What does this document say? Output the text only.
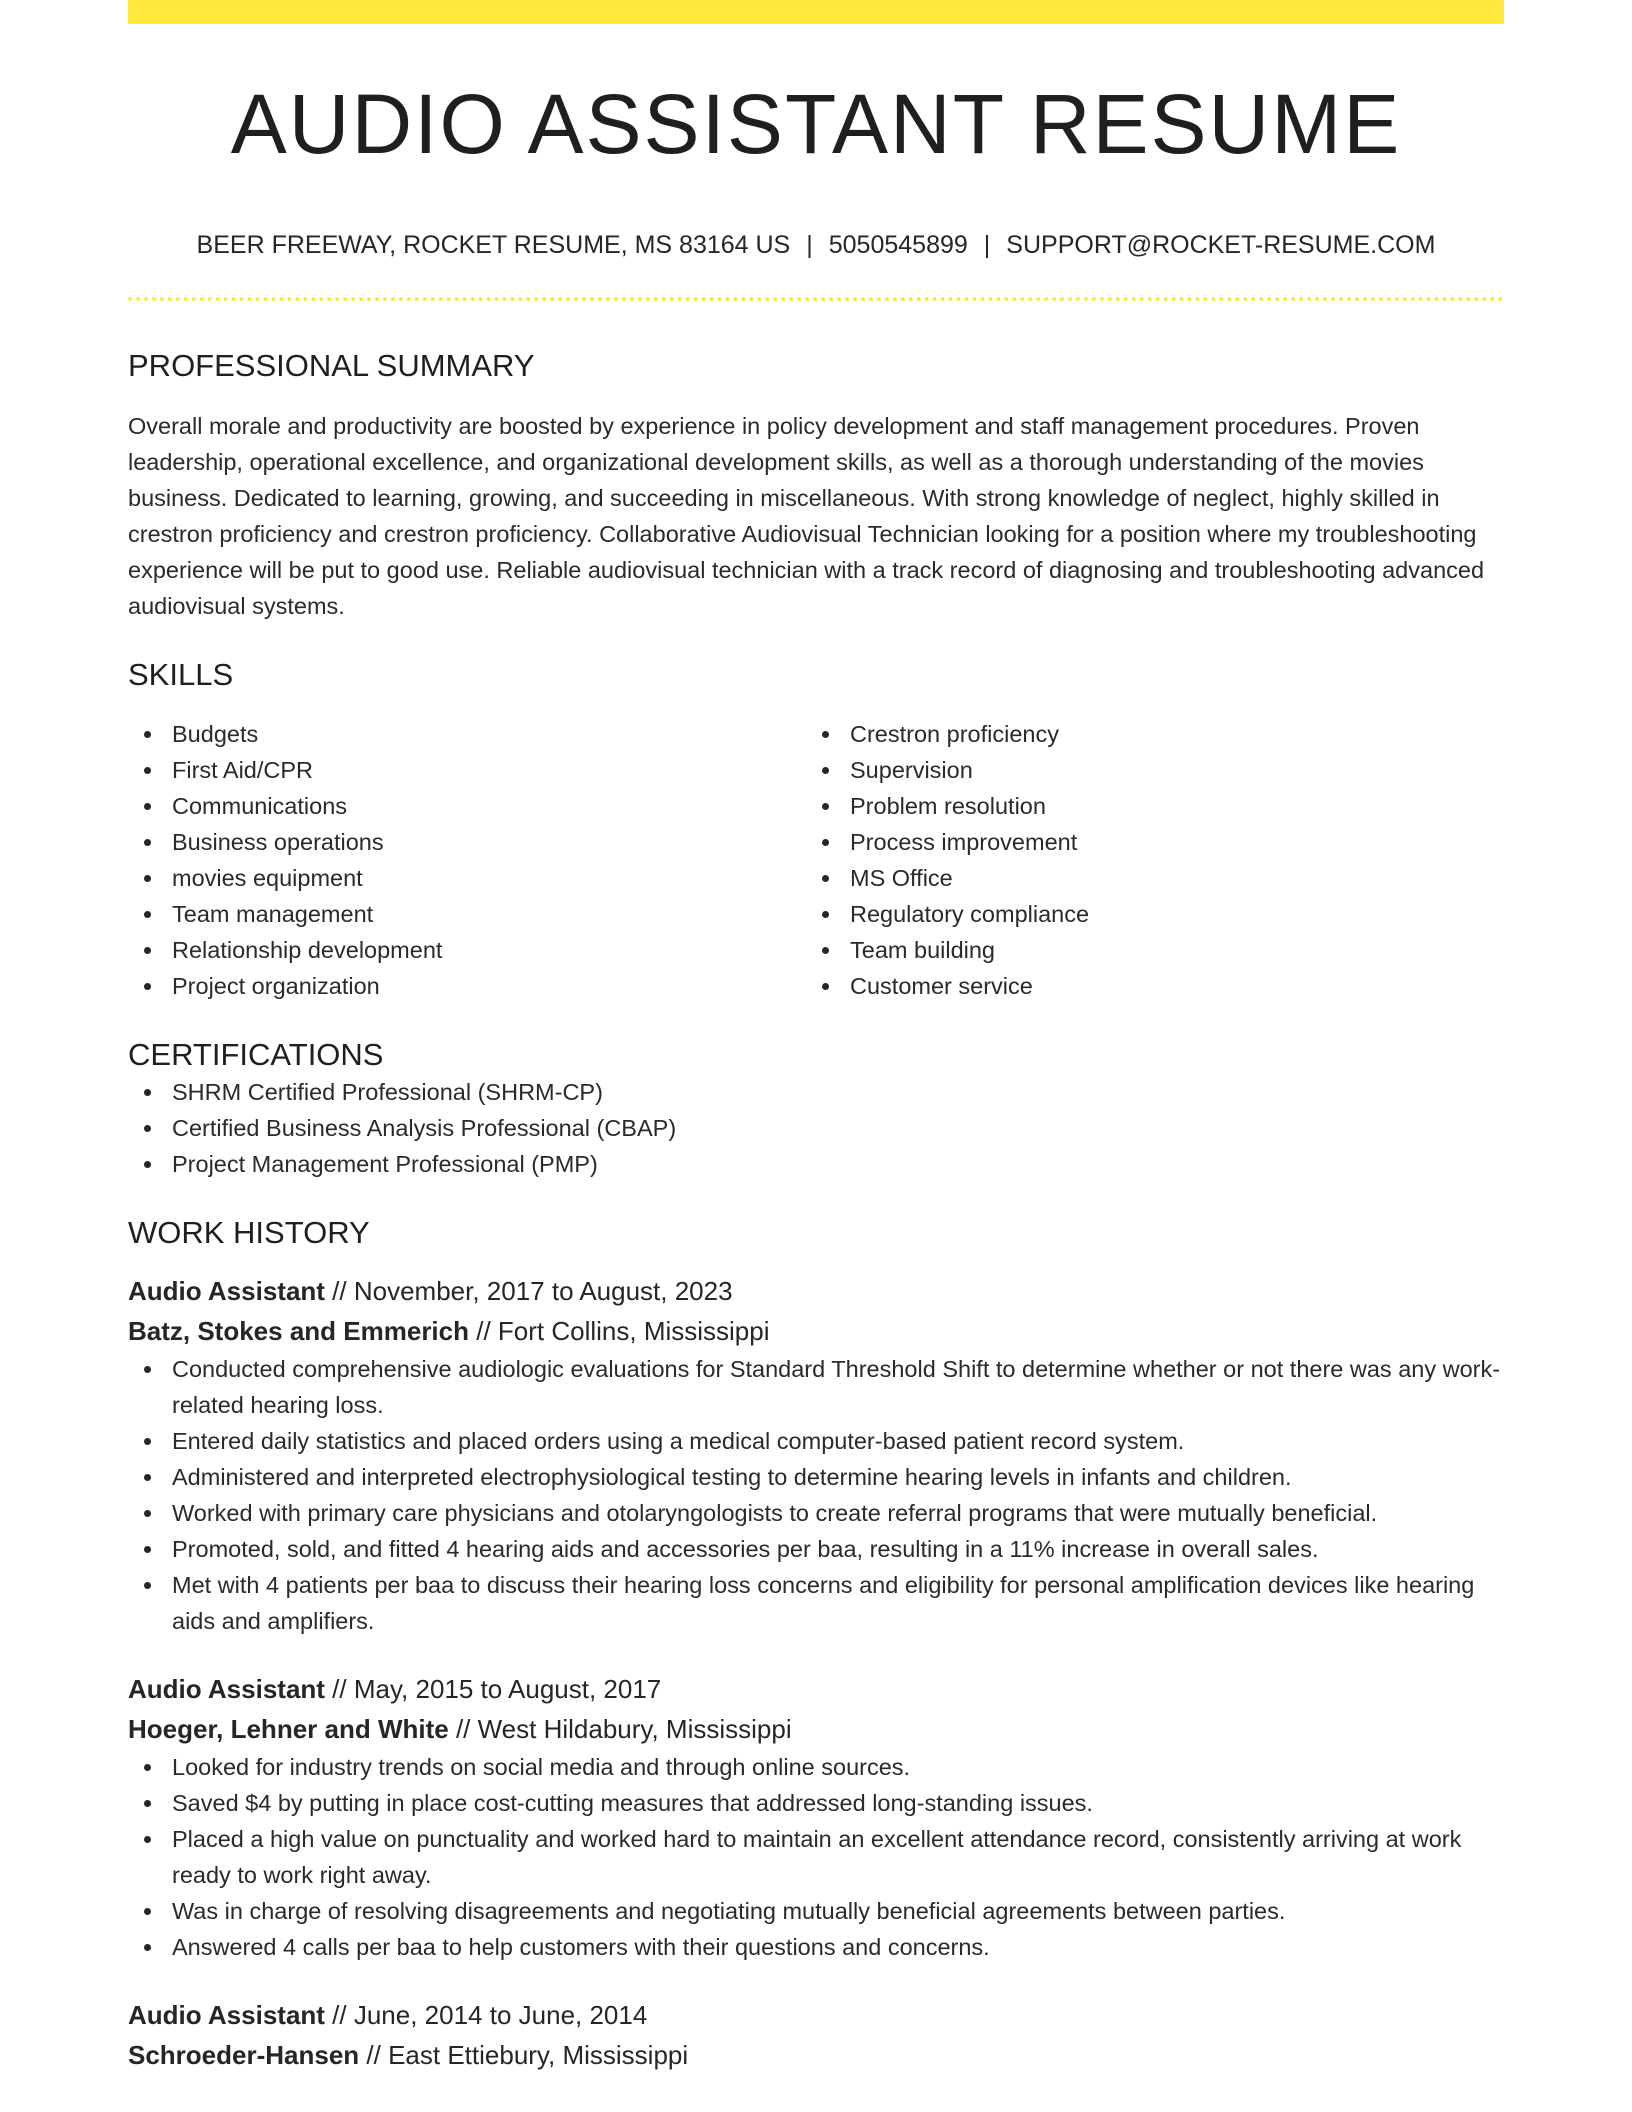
AUDIO ASSISTANT RESUME
BEER FREEWAY, ROCKET RESUME, MS 83164 US | 5050545899 | SUPPORT@ROCKET-RESUME.COM
PROFESSIONAL SUMMARY
Overall morale and productivity are boosted by experience in policy development and staff management procedures. Proven leadership, operational excellence, and organizational development skills, as well as a thorough understanding of the movies business. Dedicated to learning, growing, and succeeding in miscellaneous. With strong knowledge of neglect, highly skilled in crestron proficiency and crestron proficiency. Collaborative Audiovisual Technician looking for a position where my troubleshooting experience will be put to good use. Reliable audiovisual technician with a track record of diagnosing and troubleshooting advanced audiovisual systems.
SKILLS
Budgets
First Aid/CPR
Communications
Business operations
movies equipment
Team management
Relationship development
Project organization
Crestron proficiency
Supervision
Problem resolution
Process improvement
MS Office
Regulatory compliance
Team building
Customer service
CERTIFICATIONS
SHRM Certified Professional (SHRM-CP)
Certified Business Analysis Professional (CBAP)
Project Management Professional (PMP)
WORK HISTORY
Audio Assistant // November, 2017 to August, 2023
Batz, Stokes and Emmerich // Fort Collins, Mississippi
Conducted comprehensive audiologic evaluations for Standard Threshold Shift to determine whether or not there was any work-related hearing loss.
Entered daily statistics and placed orders using a medical computer-based patient record system.
Administered and interpreted electrophysiological testing to determine hearing levels in infants and children.
Worked with primary care physicians and otolaryngologists to create referral programs that were mutually beneficial.
Promoted, sold, and fitted 4 hearing aids and accessories per baa, resulting in a 11% increase in overall sales.
Met with 4 patients per baa to discuss their hearing loss concerns and eligibility for personal amplification devices like hearing aids and amplifiers.
Audio Assistant // May, 2015 to August, 2017
Hoeger, Lehner and White // West Hildabury, Mississippi
Looked for industry trends on social media and through online sources.
Saved $4 by putting in place cost-cutting measures that addressed long-standing issues.
Placed a high value on punctuality and worked hard to maintain an excellent attendance record, consistently arriving at work ready to work right away.
Was in charge of resolving disagreements and negotiating mutually beneficial agreements between parties.
Answered 4 calls per baa to help customers with their questions and concerns.
Audio Assistant // June, 2014 to June, 2014
Schroeder-Hansen // East Ettiebury, Mississippi
